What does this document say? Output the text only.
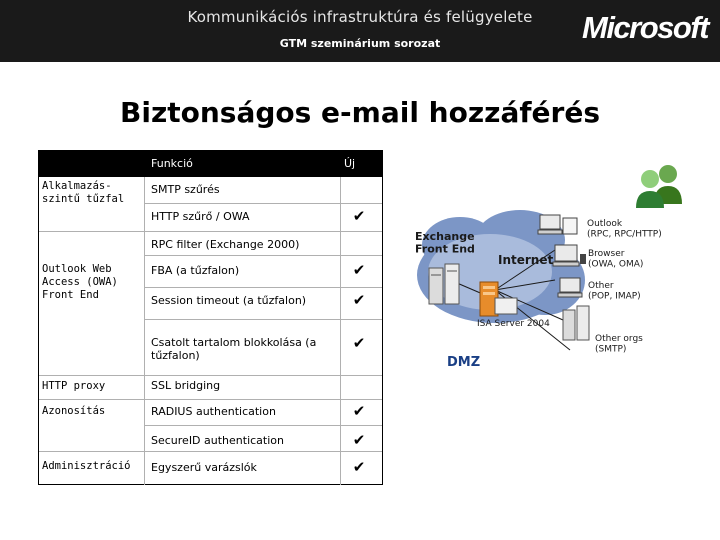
Kommunikációs infrastruktúra és felügyelete
GTM szeminárium sorozat	Microsoft
Biztonságos e-mail hozzáférés
Funkció	Új
Alkalmazás-szintű tűzfal
Outlook Web Access (OWA) Front End
HTTP proxy
Azonosítás
Adminisztráció
SMTP szűrés
HTTP szűrő / OWA
RPC filter (Exchange 2000)
FBA (a tűzfalon)
Session timeout (a tűzfalon)
Csatolt tartalom blokkolása (a tűzfalon)
SSL bridging
RADIUS authentication
SecureID authentication
Egyszerű varázslók
✔
✔
✔
✔
✔
✔
✔
Exchange Front End
Internet
ISA Server 2004
DMZ
Outlook (RPC, RPC/HTTP)
Browser (OWA, OMA)
Other (POP, IMAP)
Other orgs (SMTP)
